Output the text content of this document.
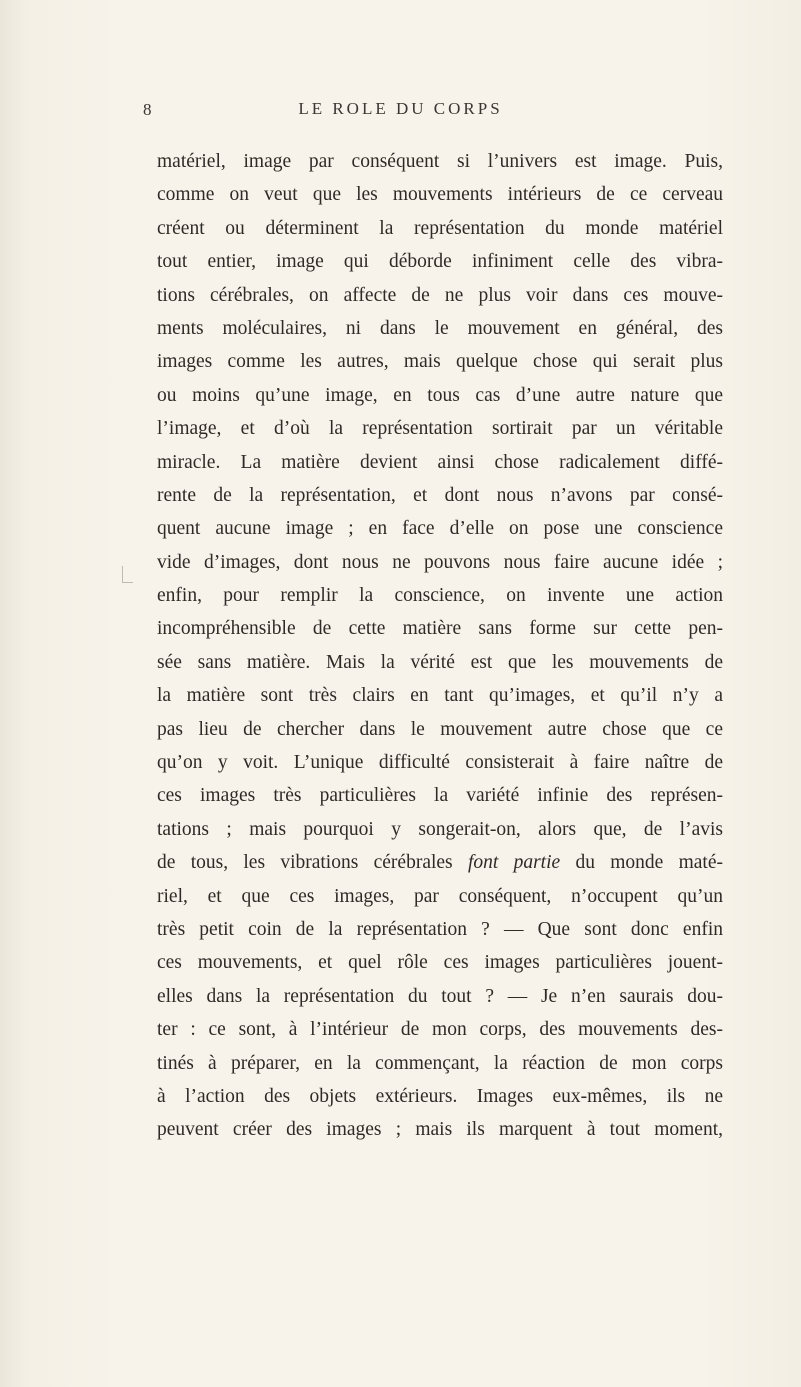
8	LE ROLE DU CORPS
matériel, image par conséquent si l’univers est image. Puis,
comme on veut que les mouvements intérieurs de ce cerveau
créent ou déterminent la représentation du monde matériel
tout entier, image qui déborde infiniment celle des vibra-
tions cérébrales, on affecte de ne plus voir dans ces mouve-
ments moléculaires, ni dans le mouvement en général, des
images comme les autres, mais quelque chose qui serait plus
ou moins qu’une image, en tous cas d’une autre nature que
l’image, et d’où la représentation sortirait par un véritable
miracle. La matière devient ainsi chose radicalement diffé-
rente de la représentation, et dont nous n’avons par consé-
quent aucune image ; en face d’elle on pose une conscience
vide d’images, dont nous ne pouvons nous faire aucune idée ;
enfin, pour remplir la conscience, on invente une action
incompréhensible de cette matière sans forme sur cette pen-
sée sans matière. Mais la vérité est que les mouvements de
la matière sont très clairs en tant qu’images, et qu’il n’y a
pas lieu de chercher dans le mouvement autre chose que ce
qu’on y voit. L’unique difficulté consisterait à faire naître de
ces images très particulières la variété infinie des représen-
tations ; mais pourquoi y songerait-on, alors que, de l’avis
de tous, les vibrations cérébrales font partie du monde maté-
riel, et que ces images, par conséquent, n’occupent qu’un
très petit coin de la représentation ? — Que sont donc enfin
ces mouvements, et quel rôle ces images particulières jouent-
elles dans la représentation du tout ? — Je n’en saurais dou-
ter : ce sont, à l’intérieur de mon corps, des mouvements des-
tinés à préparer, en la commençant, la réaction de mon corps
à l’action des objets extérieurs. Images eux-mêmes, ils ne
peuvent créer des images ; mais ils marquent à tout moment,
